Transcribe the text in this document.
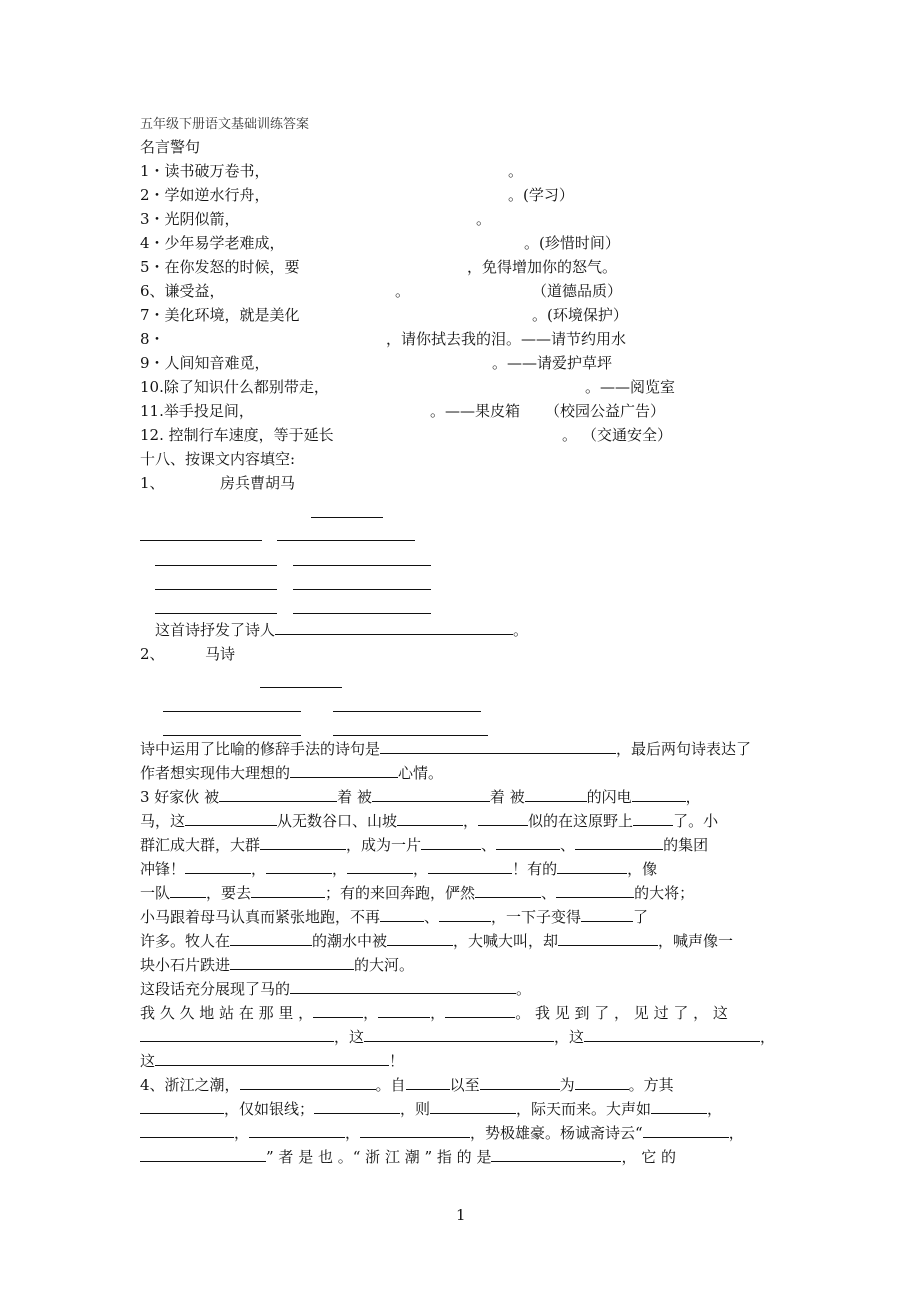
五年级下册语文基础训练答案
名言警句
1・读书破万卷书，	。
2・学如逆水行舟，	。(学习）
3・光阴似箭，	。
4・少年易学老难成，	。(珍惜时间）
5・在你发怒的时候，要	，免得增加你的怒气。
6、谦受益，	。	（道德品质）
7・美化环境，就是美化	。(环境保护）
8・	，请你拭去我的泪。——请节约用水
9・人间知音难觅，	。——请爱护草坪
10.除了知识什么都别带走，	。——阅览室
11.举手投足间，	。——果皮箱 （校园公益广告）
12. 控制行车速度，等于延长	。 （交通安全）
十八、按课文内容填空:
1、	房兵曹胡马
这首诗抒发了诗人	。
2、	马诗
诗中运用了比喻的修辞手法的诗句是	，最后两句诗表达了
作者想实现伟大理想的	心情。
3 好家伙 被	着 被	着 被	的闪电	，
马，这	从无数谷口、山坡	，	似的在这原野上	了。小
群汇成大群，大群	，成为一片	、	、	的集团
冲锋！	，	，	，	！有的	，像
一队 ，要去	；有的来回奔跑，俨然	、	的大将；
小马跟着母马认真而紧张地跑，不再	、	，一下子变得	了
许多。牧人在	的潮水中被	，大喊大叫，却	，喊声像一
块小石片跌进	的大河。
这段话充分展现了马的	。
我 久 久 地 站 在 那 里 ，	，	，	。 我 见 到 了 ， 见 过 了 ， 这
，这	，这	，
这	！
4、浙江之潮，	。自	以至	为	。方其
，仅如银线；	，则	，际天而来。大声如	，
，	，	，势极雄豪。杨诚斋诗云“	，
” 者 是 也 。“ 浙 江 潮 ” 指 的 是	， 它 的
1
